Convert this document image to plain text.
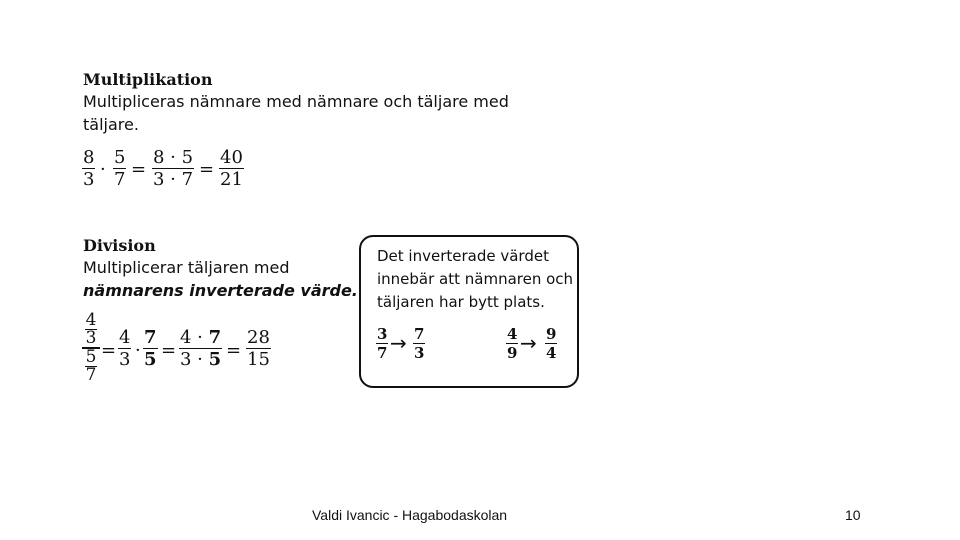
Multiplikation
Multipliceras nämnare med nämnare och täljare med
täljare.
8
3 ·
5
7 =
8 · 5
3 · 7 =
40
21
Division
Multiplicerar täljaren med
nämnarens inverterade värde.
$\frac{4}{3}$
$\frac{5}{7}$ =
4
3 ·
7
5 =
4 · 7
3 · 5 =
28
15
Det inverterade värdet
innebär att nämnaren och
täljaren har bytt plats.
3
7 → 7
3
4
9 → 9
4
Valdi Ivancic - Hagabodaskolan	10
